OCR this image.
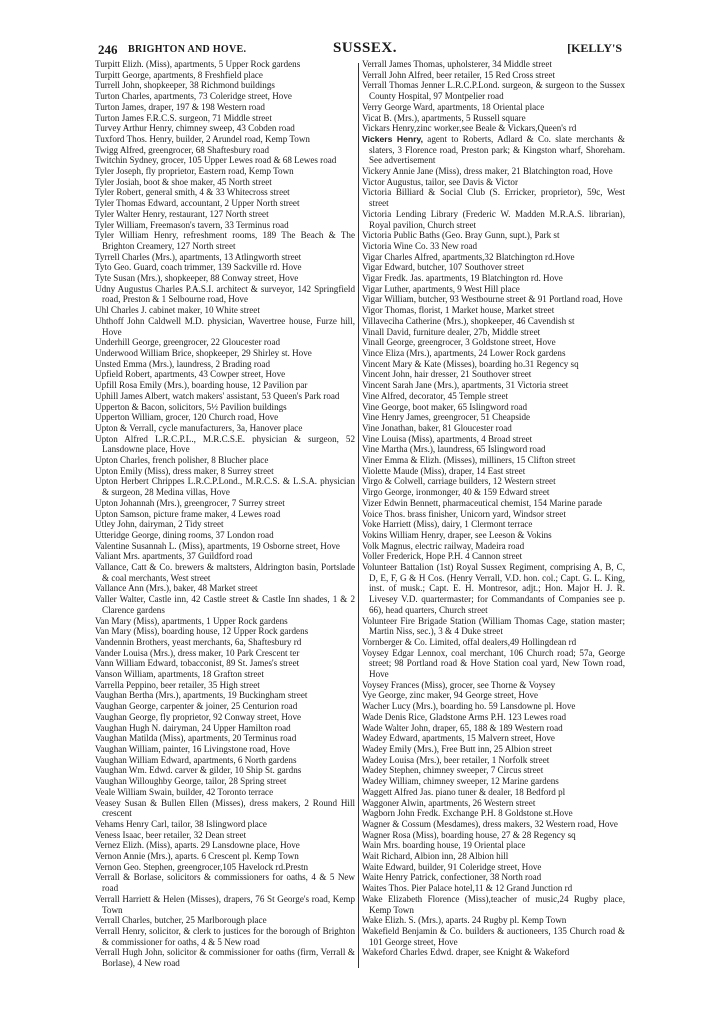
246 BRIGHTON AND HOVE.	SUSSEX.	[KELLY'S

Turpitt Elizh. (Miss), apartments, 5 Upper Rock gardens

Turpitt George, apartments, 8 Freshfield place

Turrell John, shopkeeper, 38 Richmond buildings

Turton Charles, apartments, 73 Coleridge street, Hove

Turton James, draper, 197 & 198 Western road

Turton James F.R.C.S. surgeon, 71 Middle street

Turvey Arthur Henry, chimney sweep, 43 Cobden road

Tuxford Thos. Henry, builder, 2 Arundel road, Kemp Town

Twigg Alfred, greengrocer, 68 Shaftesbury road

Twitchin Sydney, grocer, 105 Upper Lewes road & 68 Lewes road

Tyler Joseph, fly proprietor, Eastern road, Kemp Town

Tyler Josiah, boot & shoe maker, 45 North street

Tyler Robert, general smith, 4 & 33 Whitecross street

Tyler Thomas Edward, accountant, 2 Upper North street

Tyler Walter Henry, restaurant, 127 North street

Tyler William, Freemason's tavern, 33 Terminus road

Tyler William Henry, refreshment rooms, 189 The Beach & The Brighton Creamery, 127 North street

Tyrrell Charles (Mrs.), apartments, 13 Atlingworth street

Tyto Geo. Guard, coach trimmer, 139 Sackville rd. Hove

Tyte Susan (Mrs.), shopkeeper, 88 Conway street, Hove

Udny Augustus Charles P.A.S.I. architect & surveyor, 142 Springfield road, Preston & 1 Selbourne road, Hove

Uhl Charles J. cabinet maker, 10 White street

Uhthoff John Caldwell M.D. physician, Wavertree house, Furze hill, Hove

Underhill George, greengrocer, 22 Gloucester road

Underwood William Brice, shopkeeper, 29 Shirley st. Hove

Unsted Emma (Mrs.), laundress, 2 Brading road

Upfield Robert, apartments, 43 Cowper street, Hove

Upfill Rosa Emily (Mrs.), boarding house, 12 Pavilion par

Uphill James Albert, watch makers' assistant, 53 Queen's Park road

Upperton & Bacon, solicitors, 5½ Pavilion buildings

Upperton William, grocer, 120 Church road, Hove

Upton & Verrall, cycle manufacturers, 3a, Hanover place

Upton Alfred L.R.C.P.L., M.R.C.S.E. physician & surgeon, 52 Lansdowne place, Hove

Upton Charles, french polisher, 8 Blucher place

Upton Emily (Miss), dress maker, 8 Surrey street

Upton Herbert Chrippes L.R.C.P.Lond., M.R.C.S. & L.S.A. physician & surgeon, 28 Medina villas, Hove

Upton Johannah (Mrs.), greengrocer, 7 Surrey street

Upton Samson, picture frame maker, 4 Lewes road

Utley John, dairyman, 2 Tidy street

Utteridge George, dining rooms, 37 London road

Valentine Susannah L. (Miss), apartments, 19 Osborne street, Hove

Valiant Mrs. apartments, 37 Guildford road

Vallance, Catt & Co. brewers & maltsters, Aldrington basin, Portslade & coal merchants, West street

Vallance Ann (Mrs.), baker, 48 Market street

Valler Walter, Castle inn, 42 Castle street & Castle Inn shades, 1 & 2 Clarence gardens

Van Mary (Miss), apartments, 1 Upper Rock gardens

Van Mary (Miss), boarding house, 12 Upper Rock gardens

Vandennin Brothers, yeast merchants, 6a, Shaftesbury rd

Vander Louisa (Mrs.), dress maker, 10 Park Crescent ter

Vann William Edward, tobacconist, 89 St. James's street

Vanson William, apartments, 18 Grafton street

Varrella Peppino, beer retailer, 35 High street

Vaughan Bertha (Mrs.), apartments, 19 Buckingham street

Vaughan George, carpenter & joiner, 25 Centurion road

Vaughan George, fly proprietor, 92 Conway street, Hove

Vaughan Hugh N. dairyman, 24 Upper Hamilton road

Vaughan Matilda (Miss), apartments, 20 Terminus road

Vaughan William, painter, 16 Livingstone road, Hove

Vaughan William Edward, apartments, 6 North gardens

Vaughan Wm. Edwd. carver & gilder, 10 Ship St. gardns

Vaughan Willoughby George, tailor, 28 Spring street

Veale William Swain, builder, 42 Toronto terrace

Veasey Susan & Bullen Ellen (Misses), dress makers, 2 Round Hill crescent

Vehams Henry Carl, tailor, 38 Islingword place

Veness Isaac, beer retailer, 32 Dean street

Vernez Elizh. (Miss), aparts. 29 Lansdowne place, Hove

Vernon Annie (Mrs.), aparts. 6 Crescent pl. Kemp Town

Vernon Geo. Stephen, greengrocer,105 Havelock rd.Prestn

Verrall & Borlase, solicitors & commissioners for oaths, 4 & 5 New road

Verrall Harriett & Helen (Misses), drapers, 76 St George's road, Kemp Town

Verrall Charles, butcher, 25 Marlborough place

Verrall Henry, solicitor, & clerk to justices for the borough of Brighton & commissioner for oaths, 4 & 5 New road

Verrall Hugh John, solicitor & commissioner for oaths (firm, Verrall & Borlase), 4 New road

Verrall James Thomas, upholsterer, 34 Middle street

Verrall John Alfred, beer retailer, 15 Red Cross street

Verrall Thomas Jenner L.R.C.P.Lond. surgeon, & surgeon to the Sussex County Hospital, 97 Montpelier road

Verry George Ward, apartments, 18 Oriental place

Vicat B. (Mrs.), apartments, 5 Russell square

Vickars Henry,zinc worker,see Beale & Vickars,Queen's rd

Vickers Henry, agent to Roberts, Adlard & Co. slate merchants & slaters, 3 Florence road, Preston park; & Kingston wharf, Shoreham. See advertisement

Vickery Annie Jane (Miss), dress maker, 21 Blatchington road, Hove

Victor Augustus, tailor, see Davis & Victor

Victoria Billiard & Social Club (S. Erricker, proprietor), 59c, West street

Victoria Lending Library (Frederic W. Madden M.R.A.S. librarian), Royal pavilion, Church street

Victoria Public Baths (Geo. Bray Gunn, supt.), Park st

Victoria Wine Co. 33 New road

Vigar Charles Alfred, apartments,32 Blatchington rd.Hove

Vigar Edward, butcher, 107 Southover street

Vigar Fredk. Jas. apartments, 19 Blatchington rd. Hove

Vigar Luther, apartments, 9 West Hill place

Vigar William, butcher, 93 Westbourne street & 91 Portland road, Hove

Vigor Thomas, florist, 1 Market house, Market street

Villaveciha Catherine (Mrs.), shopkeeper, 46 Cavendish st

Vinall David, furniture dealer, 27b, Middle street

Vinall George, greengrocer, 3 Goldstone street, Hove

Vince Eliza (Mrs.), apartments, 24 Lower Rock gardens

Vincent Mary & Kate (Misses), boarding ho.31 Regency sq

Vincent John, hair dresser, 21 Southover street

Vincent Sarah Jane (Mrs.), apartments, 31 Victoria street

Vine Alfred, decorator, 45 Temple street

Vine George, boot maker, 65 Islingword road

Vine Henry James, greengrocer, 51 Cheapside

Vine Jonathan, baker, 81 Gloucester road

Vine Louisa (Miss), apartments, 4 Broad street

Vine Martha (Mrs.), laundress, 65 Islingword road

Viner Emma & Elizh. (Misses), milliners, 15 Clifton street

Violette Maude (Miss), draper, 14 East street

Virgo & Colwell, carriage builders, 12 Western street

Virgo George, ironmonger, 40 & 159 Edward street

Vizer Edwin Bennett, pharmaceutical chemist, 154 Marine parade

Voice Thos. brass finisher, Unicorn yard, Windsor street

Voke Harriett (Miss), dairy, 1 Clermont terrace

Vokins William Henry, draper, see Leeson & Vokins

Volk Magnus, electric railway, Madeira road

Voller Frederick, Hope P.H. 4 Cannon street

Volunteer Battalion (1st) Royal Sussex Regiment, comprising A, B, C, D, E, F, G & H Cos. (Henry Verrall, V.D. hon. col.; Capt. G. L. King, inst. of musk.; Capt. E. H. Montresor, adjt.; Hon. Major H. J. R. Livesey V.D. quartermaster; for Commandants of Companies see p. 66), head quarters, Church street

Volunteer Fire Brigade Station (William Thomas Cage, station master; Martin Niss, sec.), 3 & 4 Duke street

Vornberger & Co. Limited, offal dealers,49 Hollingdean rd

Voysey Edgar Lennox, coal merchant, 106 Church road; 57a, George street; 98 Portland road & Hove Station coal yard, New Town road, Hove

Voysey Frances (Miss), grocer, see Thorne & Voysey

Vye George, zinc maker, 94 George street, Hove

Wacher Lucy (Mrs.), boarding ho. 59 Lansdowne pl. Hove

Wade Denis Rice, Gladstone Arms P.H. 123 Lewes road

Wade Walter John, draper, 65, 188 & 189 Western road

Wadey Edward, apartments, 15 Malvern street, Hove

Wadey Emily (Mrs.), Free Butt inn, 25 Albion street

Wadey Louisa (Mrs.), beer retailer, 1 Norfolk street

Wadey Stephen, chimney sweeper, 7 Circus street

Wadey William, chimney sweeper, 12 Marine gardens

Waggett Alfred Jas. piano tuner & dealer, 18 Bedford pl

Waggoner Alwin, apartments, 26 Western street

Wagborn John Fredk. Exchange P.H. 8 Goldstone st.Hove

Wagner & Cossum (Mesdames), dress makers, 32 Western road, Hove

Wagner Rosa (Miss), boarding house, 27 & 28 Regency sq

Wain Mrs. boarding house, 19 Oriental place

Wait Richard, Albion inn, 28 Albion hill

Waite Edward, builder, 91 Coleridge street, Hove

Waite Henry Patrick, confectioner, 38 North road

Waites Thos. Pier Palace hotel,11 & 12 Grand Junction rd

Wake Elizabeth Florence (Miss),teacher of music,24 Rugby place, Kemp Town

Wake Elizh. S. (Mrs.), aparts. 24 Rugby pl. Kemp Town

Wakefield Benjamin & Co. builders & auctioneers, 135 Church road & 101 George street, Hove

Wakeford Charles Edwd. draper, see Knight & Wakeford
